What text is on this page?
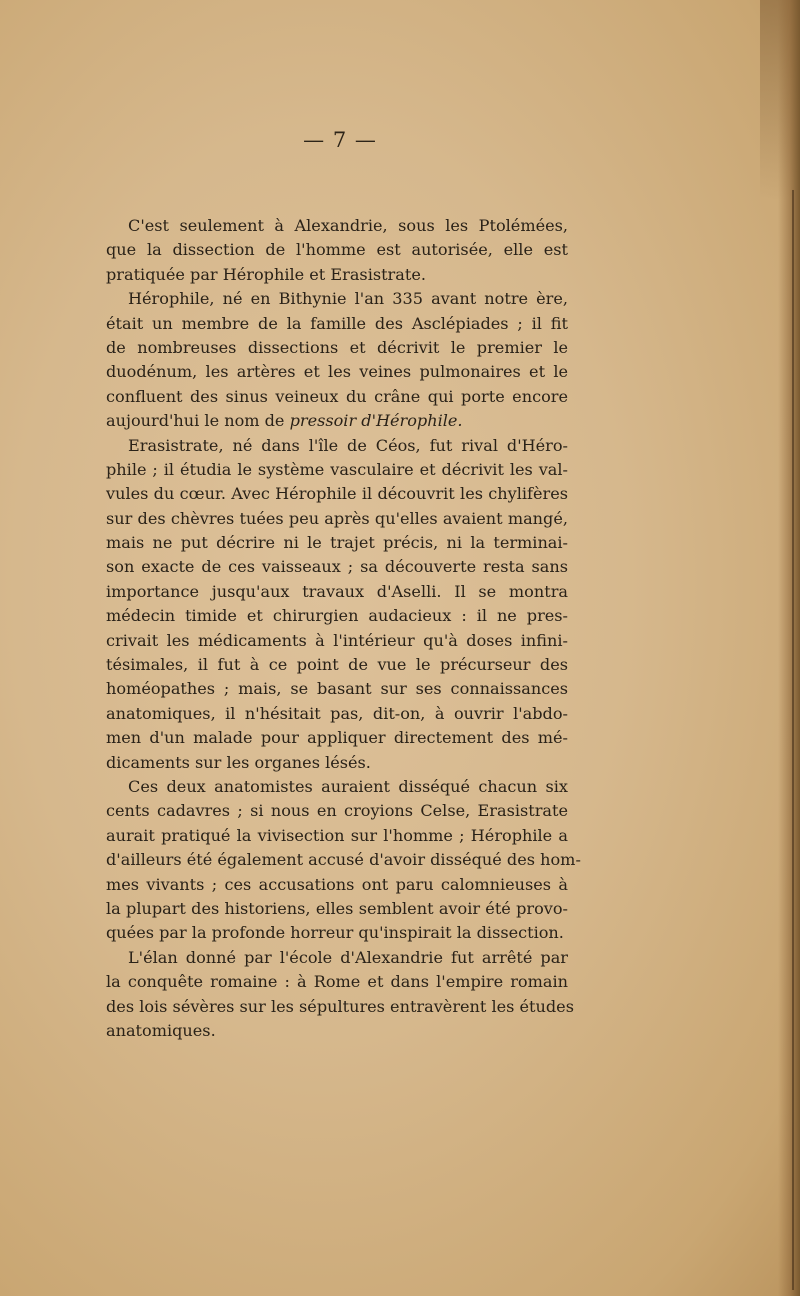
— 7 —
C'est seulement à Alexandrie, sous les Ptolémées,
que la dissection de l'homme est autorisée, elle est
pratiquée par Hérophile et Erasistrate.
Hérophile, né en Bithynie l'an 335 avant notre ère,
était un membre de la famille des Asclépiades ; il fit
de nombreuses dissections et décrivit le premier le
duodénum, les artères et les veines pulmonaires et le
confluent des sinus veineux du crâne qui porte encore
aujourd'hui le nom de pressoir d'Hérophile.
Erasistrate, né dans l'île de Céos, fut rival d'Héro-
phile ; il étudia le système vasculaire et décrivit les val-
vules du cœur. Avec Hérophile il découvrit les chylifères
sur des chèvres tuées peu après qu'elles avaient mangé,
mais ne put décrire ni le trajet précis, ni la terminai-
son exacte de ces vaisseaux ; sa découverte resta sans
importance jusqu'aux travaux d'Aselli. Il se montra
médecin timide et chirurgien audacieux : il ne pres-
crivait les médicaments à l'intérieur qu'à doses infini-
tésimales, il fut à ce point de vue le précurseur des
homéopathes ; mais, se basant sur ses connaissances
anatomiques, il n'hésitait pas, dit-on, à ouvrir l'abdo-
men d'un malade pour appliquer directement des mé-
dicaments sur les organes lésés.
Ces deux anatomistes auraient disséqué chacun six
cents cadavres ; si nous en croyions Celse, Erasistrate
aurait pratiqué la vivisection sur l'homme ; Hérophile a
d'ailleurs été également accusé d'avoir disséqué des hom-
mes vivants ; ces accusations ont paru calomnieuses à
la plupart des historiens, elles semblent avoir été provo-
quées par la profonde horreur qu'inspirait la dissection.
L'élan donné par l'école d'Alexandrie fut arrêté par
la conquête romaine : à Rome et dans l'empire romain
des lois sévères sur les sépultures entravèrent les études
anatomiques.
